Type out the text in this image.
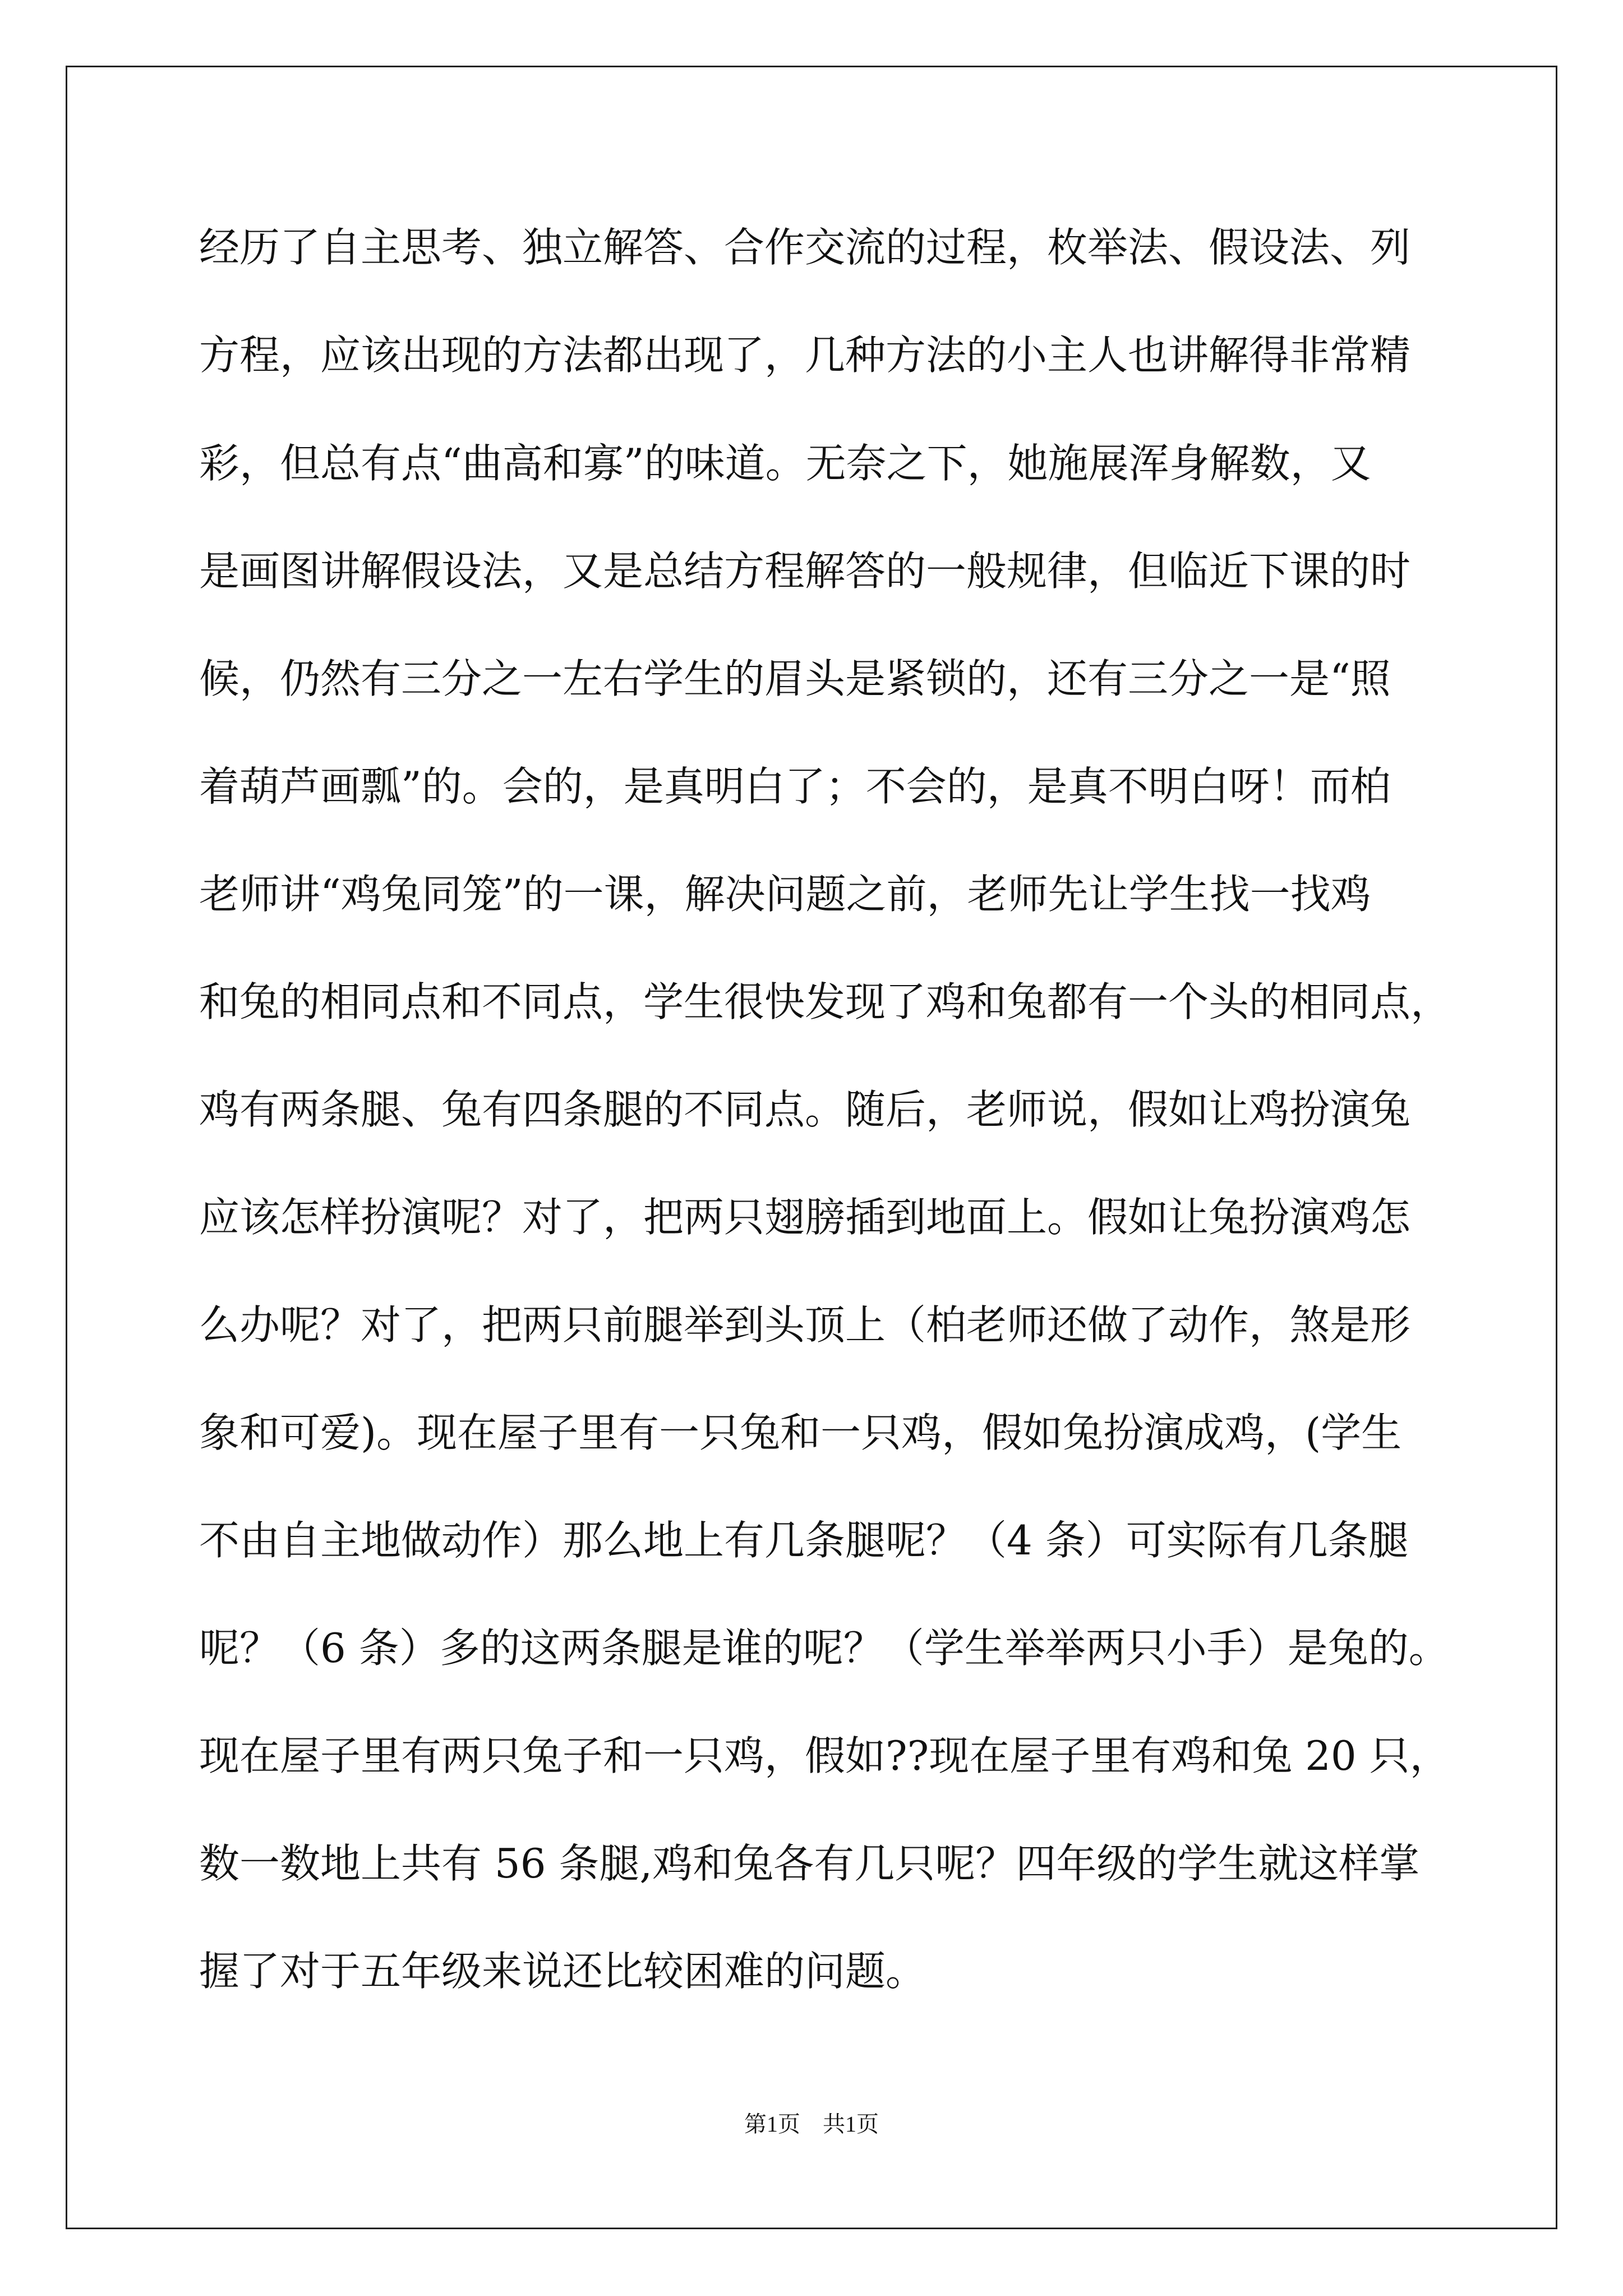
经历了自主思考、独立解答、合作交流的过程，枚举法、假设法、列
方程，应该出现的方法都出现了，几种方法的小主人也讲解得非常精
彩，但总有点“曲高和寡”的味道。无奈之下，她施展浑身解数，又
是画图讲解假设法，又是总结方程解答的一般规律，但临近下课的时
候，仍然有三分之一左右学生的眉头是紧锁的，还有三分之一是“照
着葫芦画瓢”的。会的，是真明白了；不会的，是真不明白呀！而柏
老师讲“鸡兔同笼”的一课，解决问题之前，老师先让学生找一找鸡
和兔的相同点和不同点，学生很快发现了鸡和兔都有一个头的相同点，
鸡有两条腿、兔有四条腿的不同点。随后，老师说，假如让鸡扮演兔
应该怎样扮演呢？对了，把两只翅膀插到地面上。假如让兔扮演鸡怎
么办呢？对了，把两只前腿举到头顶上（柏老师还做了动作，煞是形
象和可爱)。现在屋子里有一只兔和一只鸡，假如兔扮演成鸡，(学生
不由自主地做动作）那么地上有几条腿呢？（4 条）可实际有几条腿
呢？（6 条）多的这两条腿是谁的呢？（学生举举两只小手）是兔的。
现在屋子里有两只兔子和一只鸡，假如??现在屋子里有鸡和兔 20 只，
数一数地上共有 56 条腿,鸡和兔各有几只呢？四年级的学生就这样掌
握了对于五年级来说还比较困难的问题。
第1页　共1页
